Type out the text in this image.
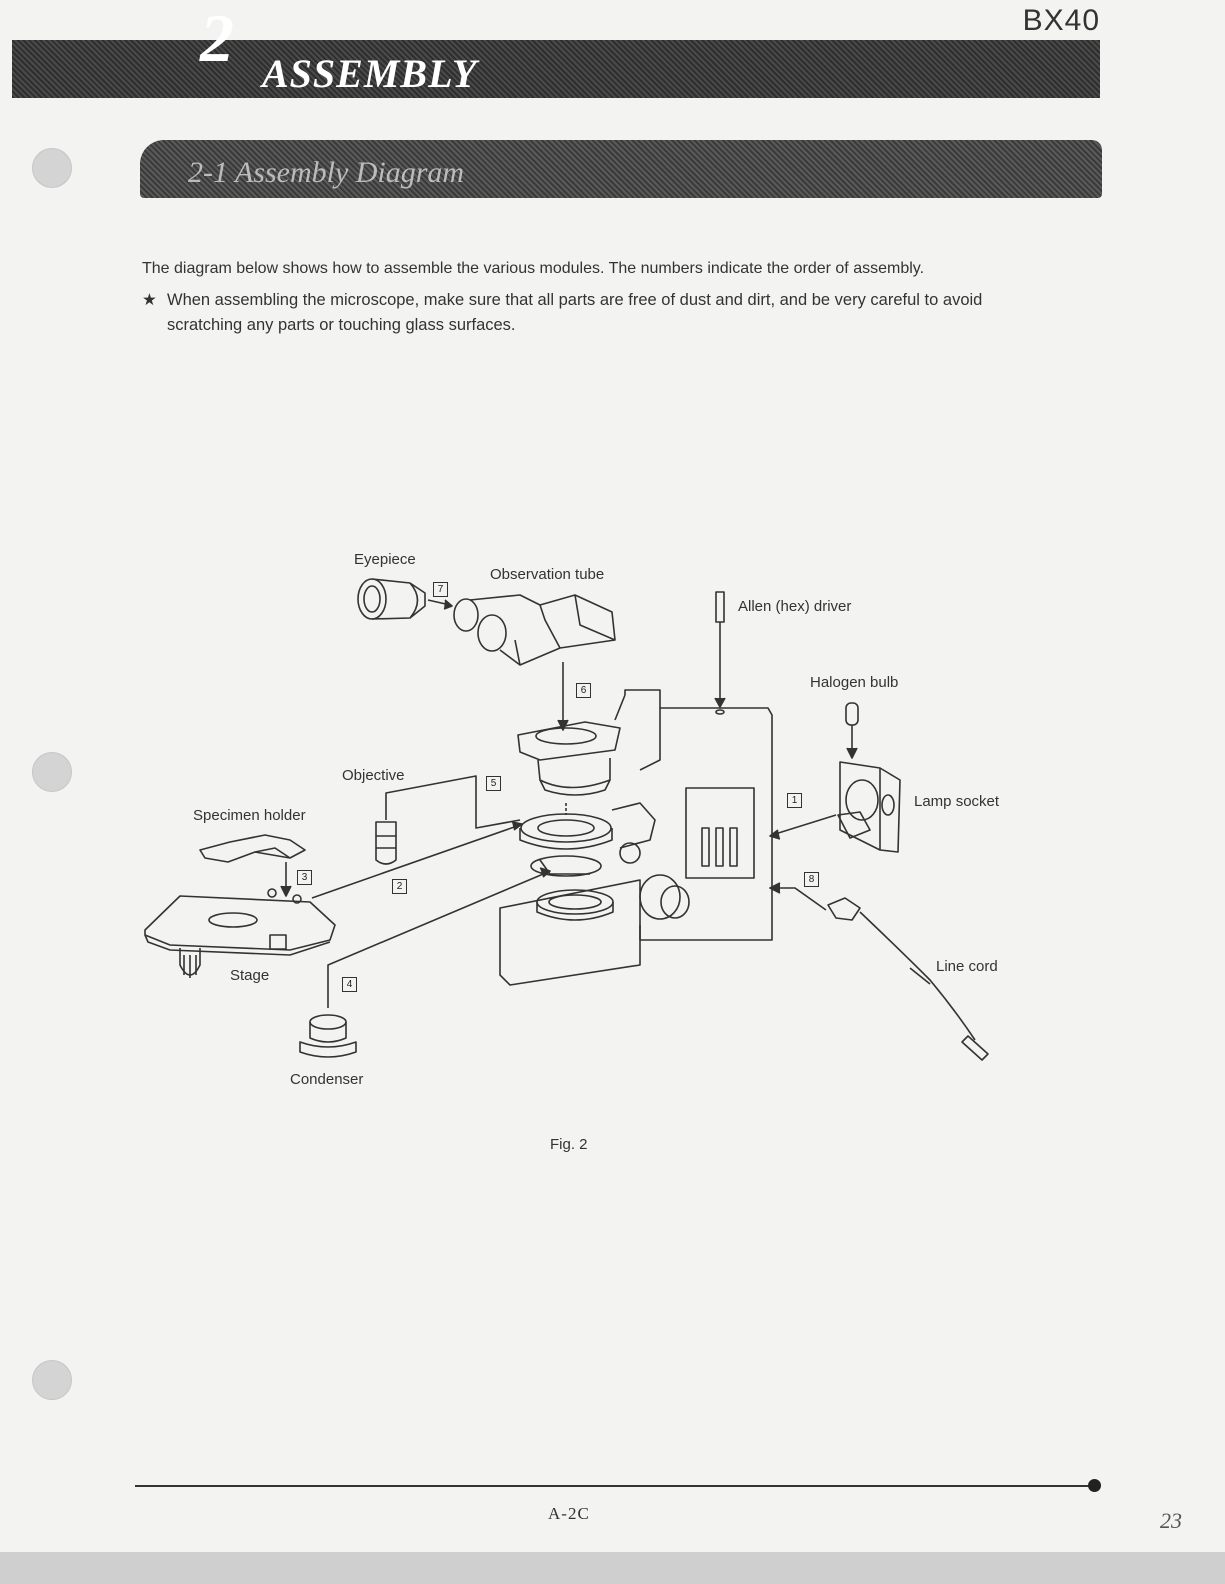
BX40
2 ASSEMBLY
2-1 Assembly Diagram
The diagram below shows how to assemble the various modules. The numbers indicate the order of assembly.
★ When assembling the microscope, make sure that all parts are free of dust and dirt, and be very careful to avoid scratching any parts or touching glass surfaces.
Eyepiece
Observation tube
Allen (hex) driver
Halogen bulb
Lamp socket
Objective
Specimen holder
Stage
Condenser
Line cord
7
6
5
1
3
2
8
4
Fig. 2
A-2C	23
